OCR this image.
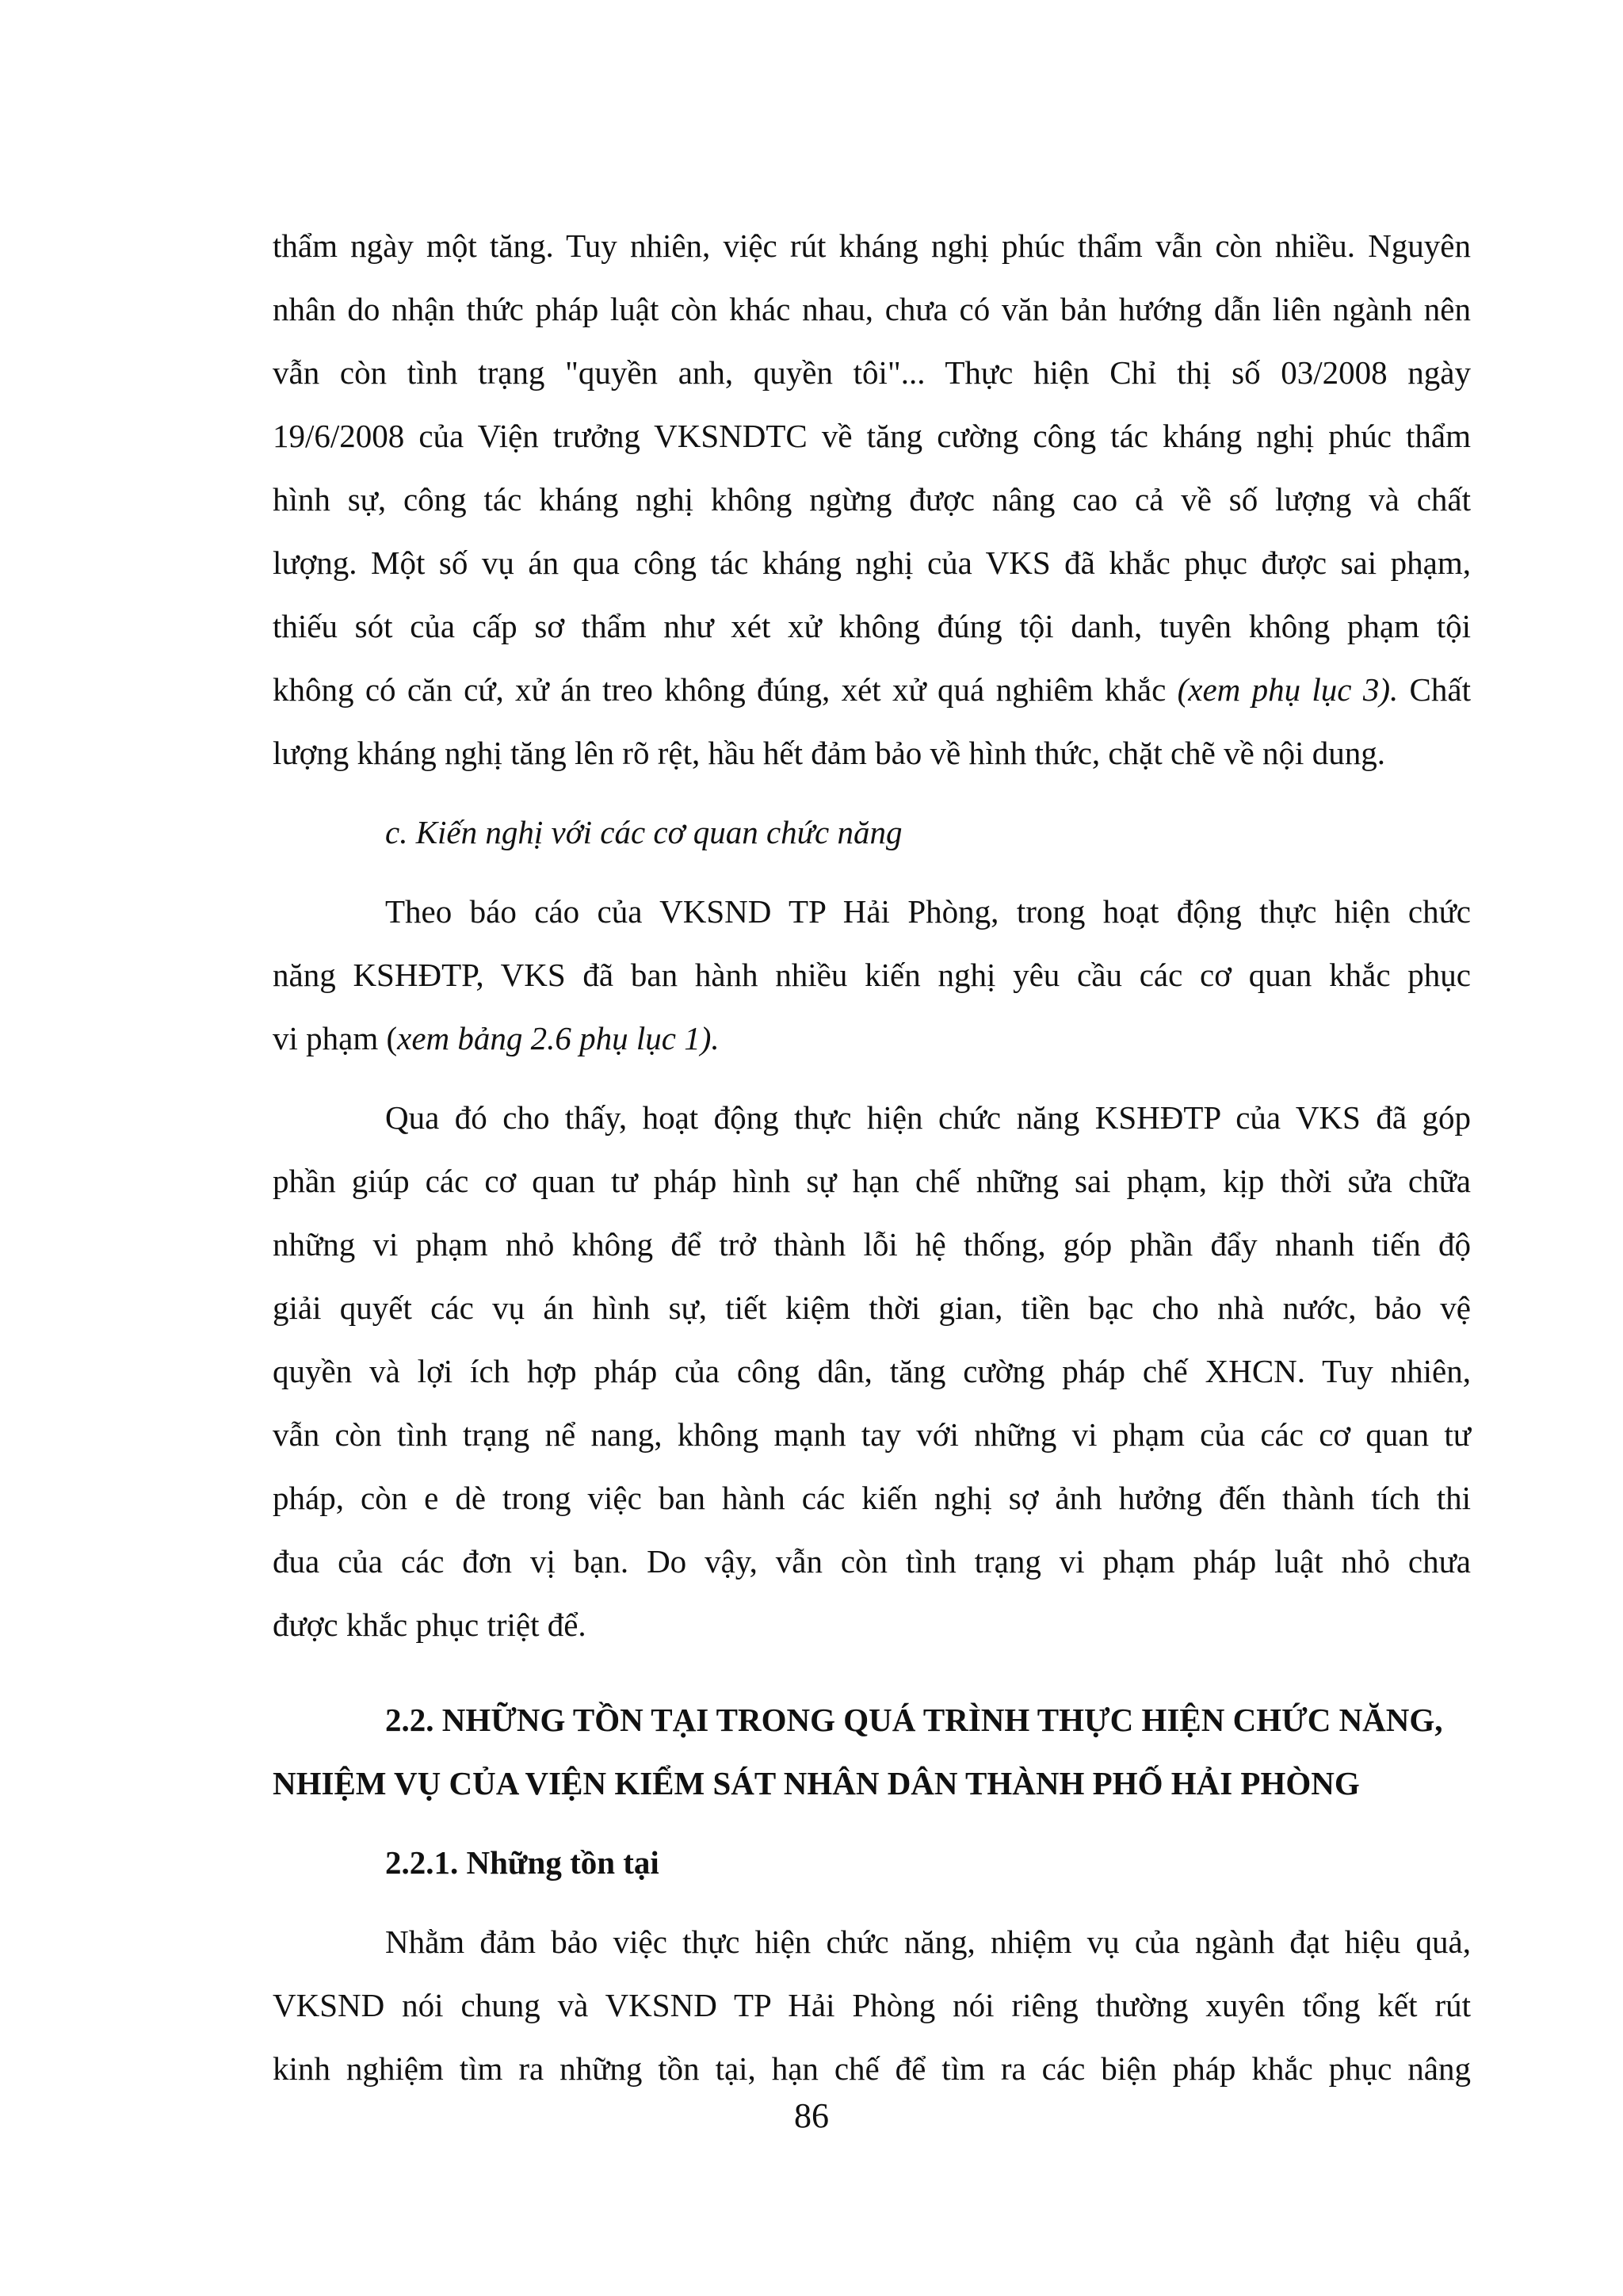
thẩm ngày một tăng. Tuy nhiên, việc rút kháng nghị phúc thẩm vẫn còn nhiều. Nguyên
nhân do nhận thức pháp luật còn khác nhau, chưa có văn bản hướng dẫn liên ngành nên
vẫn còn tình trạng "quyền anh, quyền tôi"... Thực hiện Chỉ thị số 03/2008 ngày
19/6/2008 của Viện trưởng VKSNDTC về tăng cường công tác kháng nghị phúc thẩm
hình sự, công tác kháng nghị không ngừng được nâng cao cả về số lượng và chất
lượng. Một số vụ án qua công tác kháng nghị của VKS đã khắc phục được sai phạm,
thiếu sót của cấp sơ thẩm như xét xử không đúng tội danh, tuyên không phạm tội
không có căn cứ, xử án treo không đúng, xét xử quá nghiêm khắc (xem phụ lục 3). Chất
lượng kháng nghị tăng lên rõ rệt, hầu hết đảm bảo về hình thức, chặt chẽ về nội dung.
c. Kiến nghị với các cơ quan chức năng
Theo báo cáo của VKSND TP Hải Phòng, trong hoạt động thực hiện chức
năng KSHĐTP, VKS đã ban hành nhiều kiến nghị yêu cầu các cơ quan khắc phục
vi phạm (xem bảng 2.6 phụ lục 1).
Qua đó cho thấy, hoạt động thực hiện chức năng KSHĐTP của VKS đã góp
phần giúp các cơ quan tư pháp hình sự hạn chế những sai phạm, kịp thời sửa chữa
những vi phạm nhỏ không để trở thành lỗi hệ thống, góp phần đẩy nhanh tiến độ
giải quyết các vụ án hình sự, tiết kiệm thời gian, tiền bạc cho nhà nước, bảo vệ
quyền và lợi ích hợp pháp của công dân, tăng cường pháp chế XHCN. Tuy nhiên,
vẫn còn tình trạng nể nang, không mạnh tay với những vi phạm của các cơ quan tư
pháp, còn e dè trong việc ban hành các kiến nghị sợ ảnh hưởng đến thành tích thi
đua của các đơn vị bạn. Do vậy, vẫn còn tình trạng vi phạm pháp luật nhỏ chưa
được khắc phục triệt để.
2.2. NHỮNG TỒN TẠI TRONG QUÁ TRÌNH THỰC HIỆN CHỨC NĂNG,
NHIỆM VỤ CỦA VIỆN KIỂM SÁT NHÂN DÂN THÀNH PHỐ HẢI PHÒNG
2.2.1. Những tồn tại
Nhằm đảm bảo việc thực hiện chức năng, nhiệm vụ của ngành đạt hiệu quả,
VKSND nói chung và VKSND TP Hải Phòng nói riêng thường xuyên tổng kết rút
kinh nghiệm tìm ra những tồn tại, hạn chế để tìm ra các biện pháp khắc phục nâng
86
